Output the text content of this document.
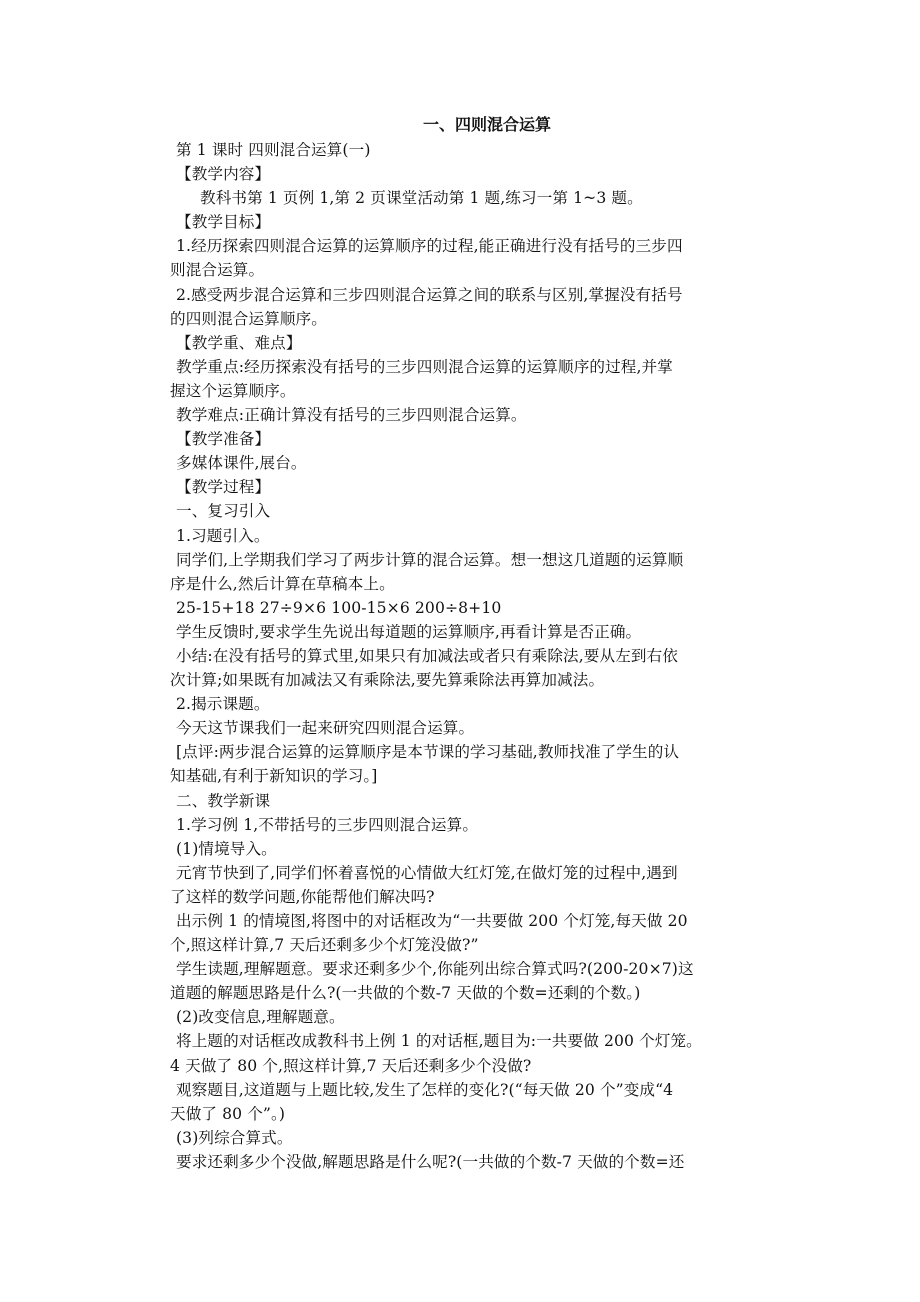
一、四则混合运算

第 1 课时 四则混合运算(一)

【教学内容】

教科书第 1 页例 1,第 2 页课堂活动第 1 题,练习一第 1~3 题。

【教学目标】

1.经历探索四则混合运算的运算顺序的过程,能正确进行没有括号的三步四

则混合运算。

2.感受两步混合运算和三步四则混合运算之间的联系与区别,掌握没有括号

的四则混合运算顺序。

【教学重、难点】

教学重点:经历探索没有括号的三步四则混合运算的运算顺序的过程,并掌

握这个运算顺序。

教学难点:正确计算没有括号的三步四则混合运算。

【教学准备】

多媒体课件,展台。

【教学过程】

一、复习引入

1.习题引入。

同学们,上学期我们学习了两步计算的混合运算。想一想这几道题的运算顺

序是什么,然后计算在草稿本上。

25-15+18 27÷9×6 100-15×6 200÷8+10

学生反馈时,要求学生先说出每道题的运算顺序,再看计算是否正确。

小结:在没有括号的算式里,如果只有加减法或者只有乘除法,要从左到右依

次计算;如果既有加减法又有乘除法,要先算乘除法再算加减法。

2.揭示课题。

今天这节课我们一起来研究四则混合运算。

[点评:两步混合运算的运算顺序是本节课的学习基础,教师找准了学生的认

知基础,有利于新知识的学习。]

二、教学新课

1.学习例 1,不带括号的三步四则混合运算。

(1)情境导入。

元宵节快到了,同学们怀着喜悦的心情做大红灯笼,在做灯笼的过程中,遇到

了这样的数学问题,你能帮他们解决吗?

出示例 1 的情境图,将图中的对话框改为“一共要做 200 个灯笼,每天做 20

个,照这样计算,7 天后还剩多少个灯笼没做?”

学生读题,理解题意。要求还剩多少个,你能列出综合算式吗?(200-20×7)这

道题的解题思路是什么?(一共做的个数-7 天做的个数=还剩的个数。)

(2)改变信息,理解题意。

将上题的对话框改成教科书上例 1 的对话框,题目为:一共要做 200 个灯笼。

4 天做了 80 个,照这样计算,7 天后还剩多少个没做?

观察题目,这道题与上题比较,发生了怎样的变化?(“每天做 20 个”变成“4

天做了 80 个”。)

(3)列综合算式。

要求还剩多少个没做,解题思路是什么呢?(一共做的个数-7 天做的个数=还
